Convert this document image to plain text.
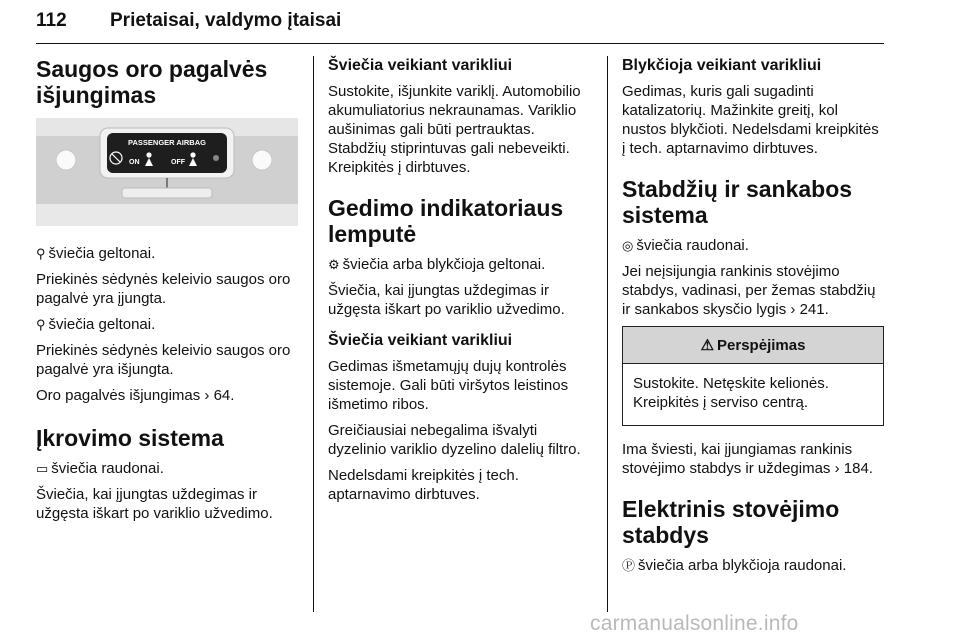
112 Prietaisai, valdymo įtaisai
Saugos oro pagalvės išjungimas
PASSENGER AIRBAG
ON	OFF

⚲ šviečia geltonai.

Priekinės sėdynės keleivio saugos oro pagalvė yra įjungta.

⚲ šviečia geltonai.

Priekinės sėdynės keleivio saugos oro pagalvė yra išjungta.

Oro pagalvės išjungimas › 64.

Įkrovimo sistema

▭ šviečia raudonai.

Šviečia, kai įjungtas uždegimas ir užgęsta iškart po variklio užvedimo.

Šviečia veikiant varikliui

Sustokite, išjunkite variklį. Automobilio akumuliatorius nekraunamas. Variklio aušinimas gali būti pertrauktas. Stabdžių stiprintuvas gali nebeveikti. Kreipkitės į dirbtuves.

Gedimo indikatoriaus lemputė

⚙ šviečia arba blykčioja geltonai.

Šviečia, kai įjungtas uždegimas ir užgęsta iškart po variklio užvedimo.

Šviečia veikiant varikliui

Gedimas išmetamųjų dujų kontrolės sistemoje. Gali būti viršytos leistinos išmetimo ribos.

Greičiausiai nebegalima išvalyti dyzelinio variklio dyzelino dalelių filtro.

Nedelsdami kreipkitės į tech. aptarnavimo dirbtuves.

Blykčioja veikiant varikliui

Gedimas, kuris gali sugadinti katalizatorių. Mažinkite greitį, kol nustos blykčioti. Nedelsdami kreipkitės į tech. aptarnavimo dirbtuves.

Stabdžių ir sankabos sistema

◎ šviečia raudonai.

Jei neįsijungia rankinis stovėjimo stabdys, vadinasi, per žemas stabdžių ir sankabos skysčio lygis › 241.

⚠ Perspėjimas

Sustokite. Netęskite kelionės. Kreipkitės į serviso centrą.

Ima šviesti, kai įjungiamas rankinis stovėjimo stabdys ir uždegimas › 184.

Elektrinis stovėjimo stabdys

Ⓟ šviečia arba blykčioja raudonai.

carmanualsonline.info
